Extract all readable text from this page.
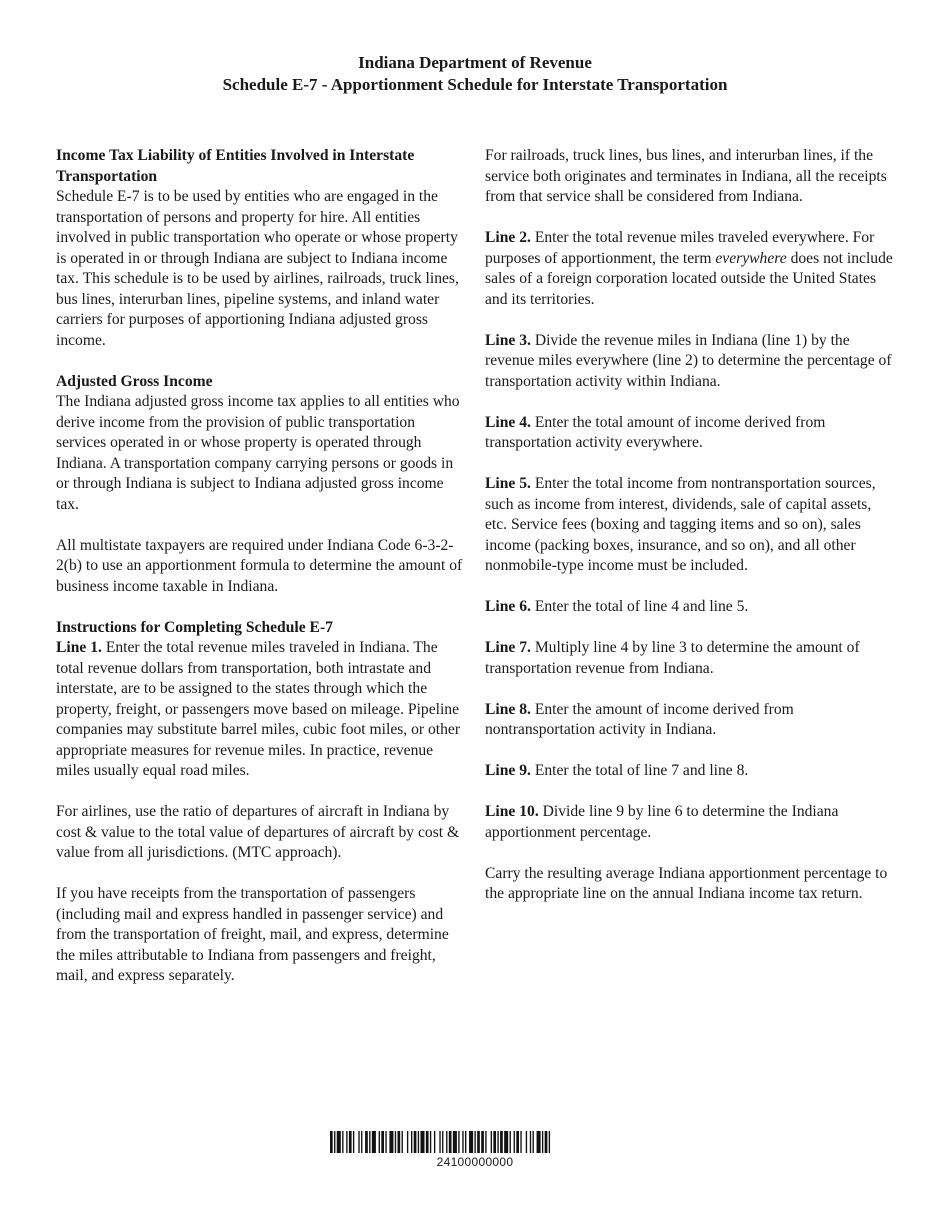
Indiana Department of Revenue
Schedule E-7 - Apportionment Schedule for Interstate Transportation

Income Tax Liability of Entities Involved in Interstate Transportation

Schedule E-7 is to be used by entities who are engaged in the transportation of persons and property for hire. All entities involved in public transportation who operate or whose property is operated in or through Indiana are subject to Indiana income tax. This schedule is to be used by airlines, railroads, truck lines, bus lines, interurban lines, pipeline systems, and inland water carriers for purposes of apportioning Indiana adjusted gross income.

Adjusted Gross Income

The Indiana adjusted gross income tax applies to all entities who derive income from the provision of public transportation services operated in or whose property is operated through Indiana. A transportation company carrying persons or goods in or through Indiana is subject to Indiana adjusted gross income tax.

All multistate taxpayers are required under Indiana Code 6-3-2-2(b) to use an apportionment formula to determine the amount of business income taxable in Indiana.

Instructions for Completing Schedule E-7

Line 1. Enter the total revenue miles traveled in Indiana. The total revenue dollars from transportation, both intrastate and interstate, are to be assigned to the states through which the property, freight, or passengers move based on mileage. Pipeline companies may substitute barrel miles, cubic foot miles, or other appropriate measures for revenue miles. In practice, revenue miles usually equal road miles.

For airlines, use the ratio of departures of aircraft in Indiana by cost & value to the total value of departures of aircraft by cost & value from all jurisdictions. (MTC approach).

If you have receipts from the transportation of passengers (including mail and express handled in passenger service) and from the transportation of freight, mail, and express, determine the miles attributable to Indiana from passengers and freight, mail, and express separately.

For railroads, truck lines, bus lines, and interurban lines, if the service both originates and terminates in Indiana, all the receipts from that service shall be considered from Indiana.

Line 2. Enter the total revenue miles traveled everywhere. For purposes of apportionment, the term everywhere does not include sales of a foreign corporation located outside the United States and its territories.

Line 3. Divide the revenue miles in Indiana (line 1) by the revenue miles everywhere (line 2) to determine the percentage of transportation activity within Indiana.

Line 4. Enter the total amount of income derived from transportation activity everywhere.

Line 5. Enter the total income from nontransportation sources, such as income from interest, dividends, sale of capital assets, etc. Service fees (boxing and tagging items and so on), sales income (packing boxes, insurance, and so on), and all other nonmobile-type income must be included.

Line 6. Enter the total of line 4 and line 5.

Line 7. Multiply line 4 by line 3 to determine the amount of transportation revenue from Indiana.

Line 8. Enter the amount of income derived from nontransportation activity in Indiana.

Line 9. Enter the total of line 7 and line 8.

Line 10. Divide line 9 by line 6 to determine the Indiana apportionment percentage.

Carry the resulting average Indiana apportionment percentage to the appropriate line on the annual Indiana income tax return.

24100000000
